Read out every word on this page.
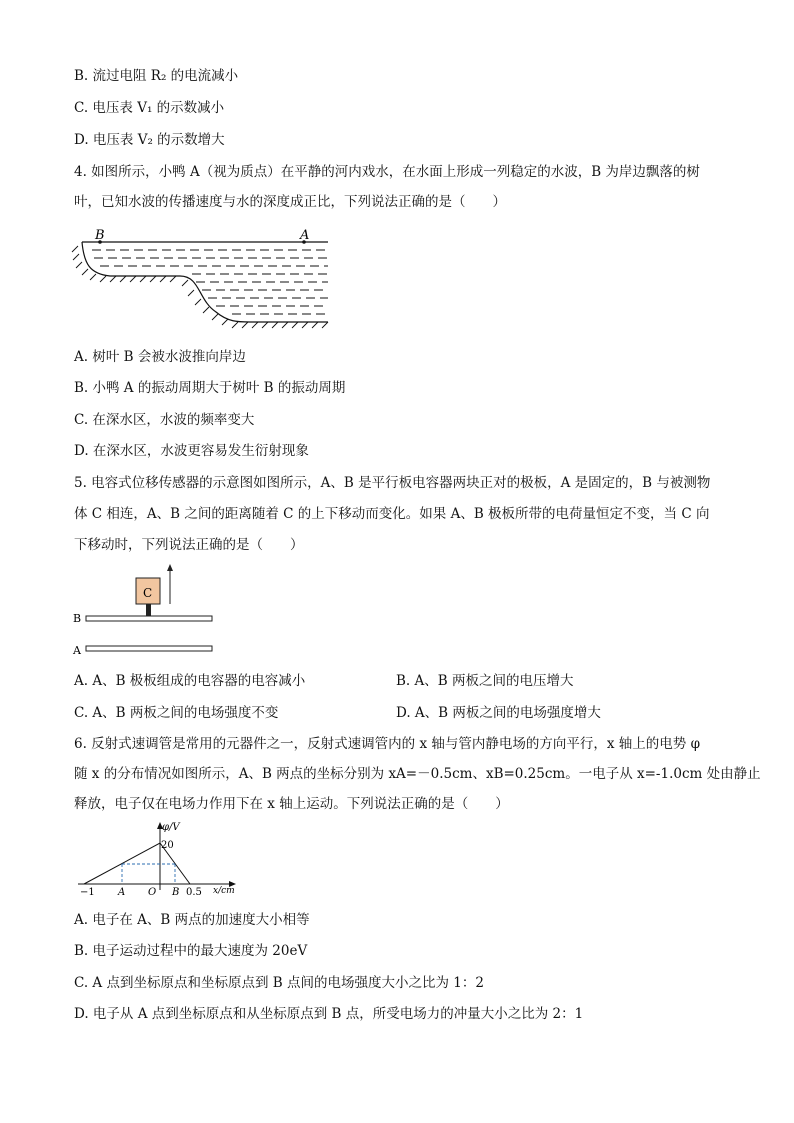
B. 流过电阻 R₂ 的电流减小
C. 电压表 V₁ 的示数减小
D. 电压表 V₂ 的示数增大
4. 如图所示，小鸭 A（视为质点）在平静的河内戏水，在水面上形成一列稳定的水波，B 为岸边飘落的树
叶，已知水波的传播速度与水的深度成正比，下列说法正确的是（　　）
B	A
A. 树叶 B 会被水波推向岸边
B. 小鸭 A 的振动周期大于树叶 B 的振动周期
C. 在深水区，水波的频率变大
D. 在深水区，水波更容易发生衍射现象
5. 电容式位移传感器的示意图如图所示，A、B 是平行板电容器两块正对的极板，A 是固定的，B 与被测物
体 C 相连，A、B 之间的距离随着 C 的上下移动而变化。如果 A、B 极板所带的电荷量恒定不变，当 C 向
下移动时，下列说法正确的是（　　）
C
B
A
A. A、B 极板组成的电容器的电容减小	B. A、B 两板之间的电压增大
C. A、B 两板之间的电场强度不变	D. A、B 两板之间的电场强度增大
6. 反射式速调管是常用的元器件之一，反射式速调管内的 x 轴与管内静电场的方向平行，x 轴上的电势 φ
随 x 的分布情况如图所示，A、B 两点的坐标分别为 xA=－0.5cm、xB=0.25cm。一电子从 x=-1.0cm 处由静止
释放，电子仅在电场力作用下在 x 轴上运动。下列说法正确的是（　　）
φ/V
20
x/cm
−1 A O B 0.5
A. 电子在 A、B 两点的加速度大小相等
B. 电子运动过程中的最大速度为 20eV
C. A 点到坐标原点和坐标原点到 B 点间的电场强度大小之比为 1：2
D. 电子从 A 点到坐标原点和从坐标原点到 B 点，所受电场力的冲量大小之比为 2：1
